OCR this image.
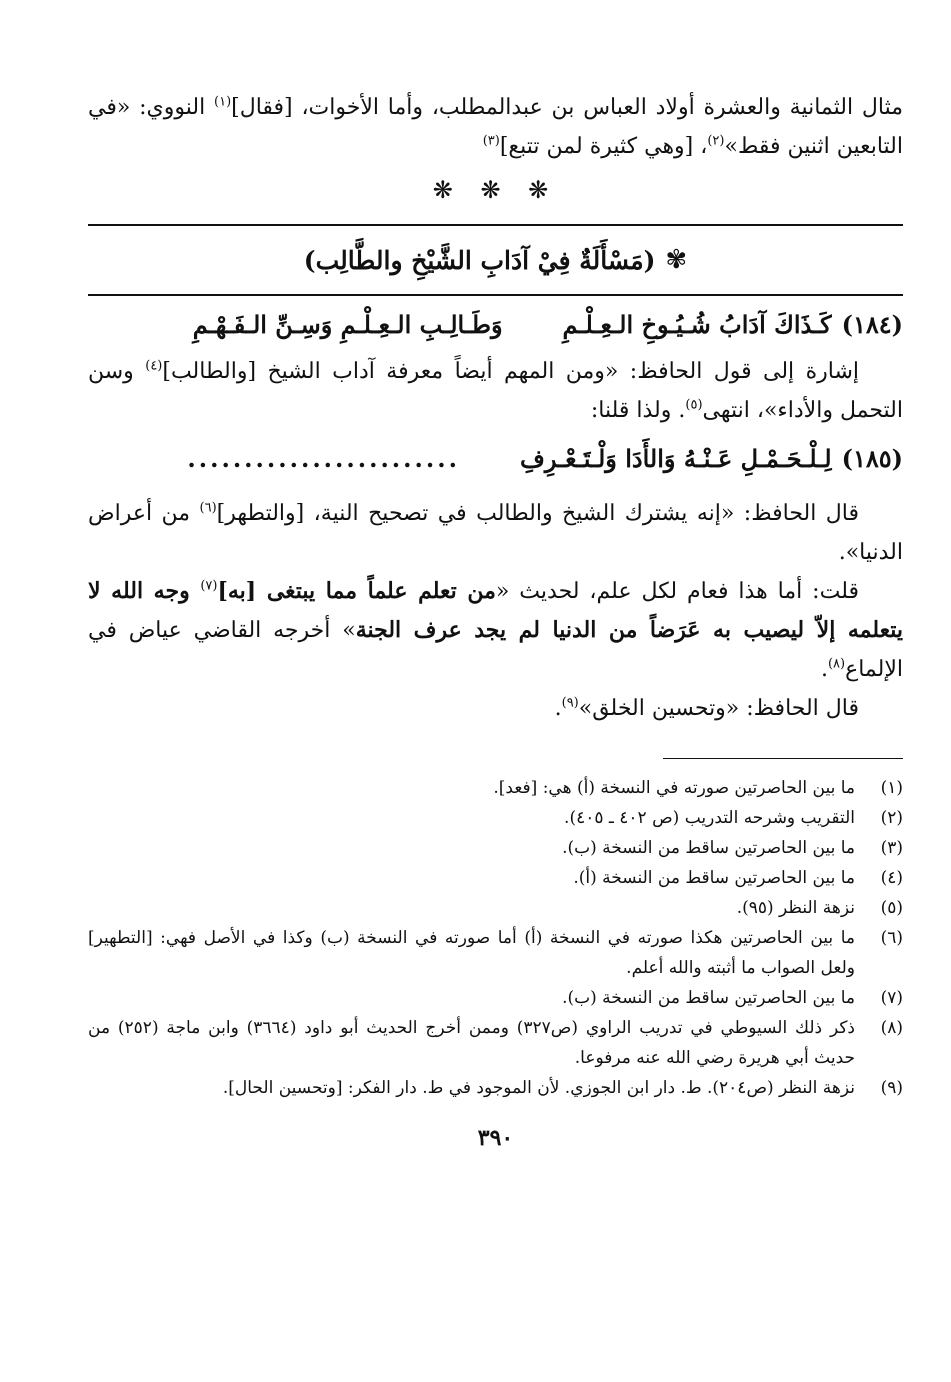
مثال الثمانية والعشرة أولاد العباس بن عبدالمطلب، وأما الأخوات، [فقال]$^{(١)}$ النووي: «في التابعين اثنين فقط»$^{(٢)}$، [وهي كثيرة لمن تتبع]$^{(٣)}$

❋ ❋ ❋
✾
(مَسْأَلَةٌ فِيْ آدَابِ الشَّيْخِ والطَّالِب)
(١٨٤)
كَـذَاكَ آدَابُ شُـيُـوخِ الـعِـلْـمِ
وَطَـالِـبِ الـعِـلْـمِ وَسِـنِّ الـفَـهْـمِ

إشارة إلى قول الحافظ: «ومن المهم أيضاً معرفة آداب الشيخ [والطالب]$^{(٤)}$ وسن التحمل والأداء»، انتهى$^{(٥)}$. ولذا قلنا:

(١٨٥)
لِـلْـحَـمْـلِ عَـنْـهُ وَالأَدَا وَلْـتَـعْـرِفِ
........................

قال الحافظ: «إنه يشترك الشيخ والطالب في تصحيح النية، [والتطهر]$^{(٦)}$ من أعراض الدنيا».

قلت: أما هذا فعام لكل علم، لحديث «من تعلم علماً مما يبتغى [به]$^{(٧)}$ وجه الله لا يتعلمه إلاّ ليصيب به عَرَضاً من الدنيا لم يجد عرف الجنة» أخرجه القاضي عياض في الإلماع$^{(٨)}$.

قال الحافظ: «وتحسين الخلق»$^{(٩)}$.

(١)
ما بين الحاصرتين صورته في النسخة (أ) هي: [فعد].
(٢)
التقريب وشرحه التدريب (ص ٤٠٢ ـ ٤٠٥).
(٣)
ما بين الحاصرتين ساقط من النسخة (ب).
(٤)
ما بين الحاصرتين ساقط من النسخة (أ).
(٥)
نزهة النظر (٩٥).
(٦)
ما بين الحاصرتين هكذا صورته في النسخة (أ) أما صورته في النسخة (ب) وكذا في الأصل فهي: [التطهير] ولعل الصواب ما أثبته والله أعلم.
(٧)
ما بين الحاصرتين ساقط من النسخة (ب).
(٨)
ذكر ذلك السيوطي في تدريب الراوي (ص٣٢٧) وممن أخرج الحديث أبو داود (٣٦٦٤) وابن ماجة (٢٥٢) من حديث أبي هريرة رضي الله عنه مرفوعا.
(٩)
نزهة النظر (ص٢٠٤). ط. دار ابن الجوزي. لأن الموجود في ط. دار الفكر: [وتحسين الحال].
٣٩٠
